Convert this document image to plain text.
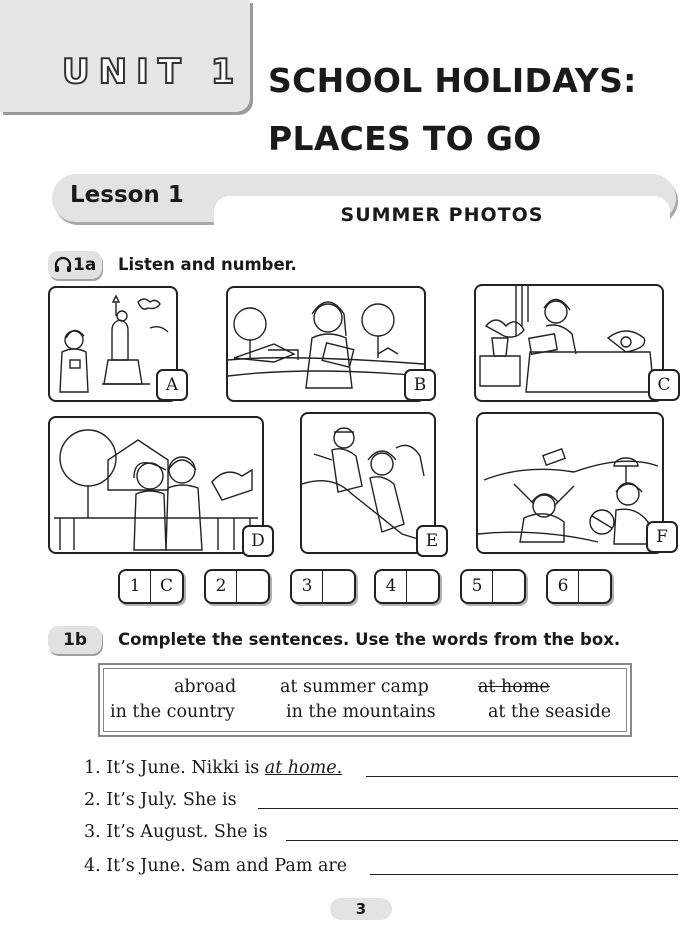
UNIT 1 SCHOOL HOLIDAYS:
PLACES TO GO
Lesson 1
SUMMER PHOTOS
1a Listen and number.
A	B	C
D	E	F
1	C	2	3	4	5	6
1b	Complete the sentences. Use the words from the box.
abroad	at summer camp	at home
in the country	in the mountains	at the seaside
1. It’s June. Nikki is at home.
2. It’s July. She is
3. It’s August. She is
4. It’s June. Sam and Pam are
3
